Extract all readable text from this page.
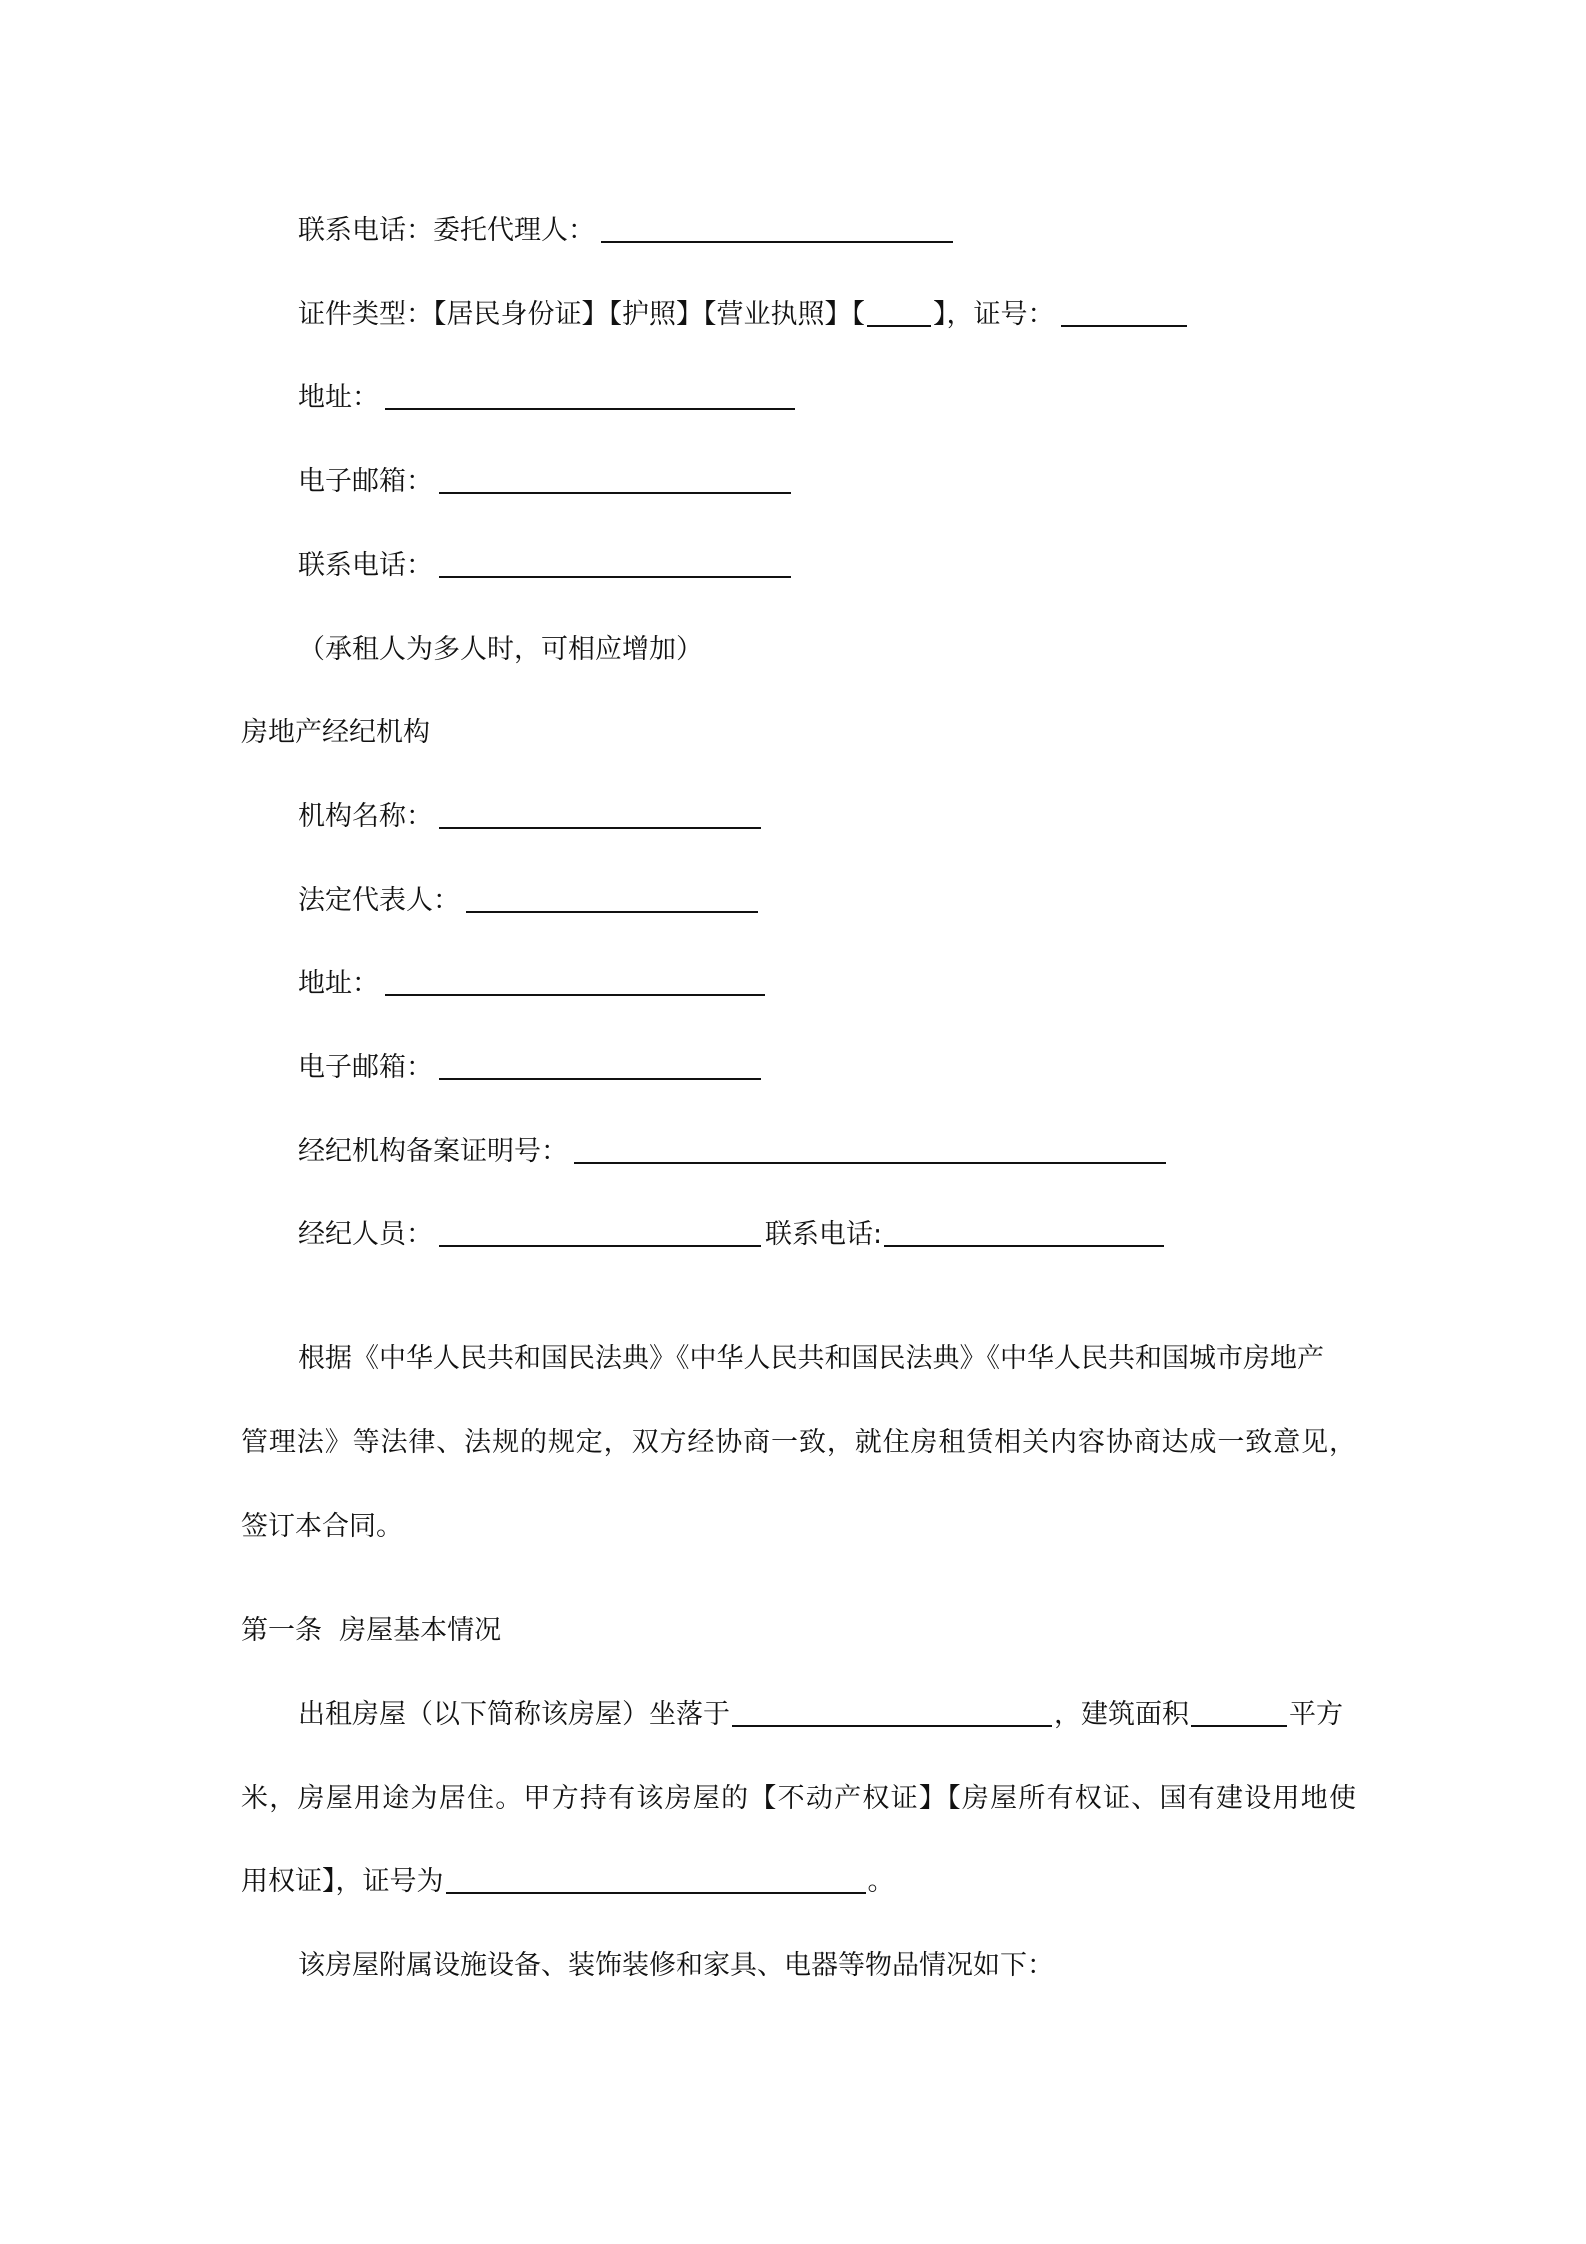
联系电话：委托代理人：
证件类型：【居民身份证】【护照】【营业执照】【	】，证号：
地址：
电子邮箱：
联系电话：
（承租人为多人时，可相应增加）
房地产经纪机构
机构名称：
法定代表人：
地址：
电子邮箱：
经纪机构备案证明号：
经纪人员：	联系电话:
根据《中华人民共和国民法典》《中华人民共和国民法典》《中华人民共和国城市房地产
管理法》等法律、法规的规定，双方经协商一致，就住房租赁相关内容协商达成一致意见，
签订本合同。
第一条  房屋基本情况
出租房屋（以下简称该房屋）坐落于	，建筑面积	平方
米，房屋用途为居住。甲方持有该房屋的【不动产权证】【房屋所有权证、国有建设用地使
用权证】，证号为	。
该房屋附属设施设备、装饰装修和家具、电器等物品情况如下：
